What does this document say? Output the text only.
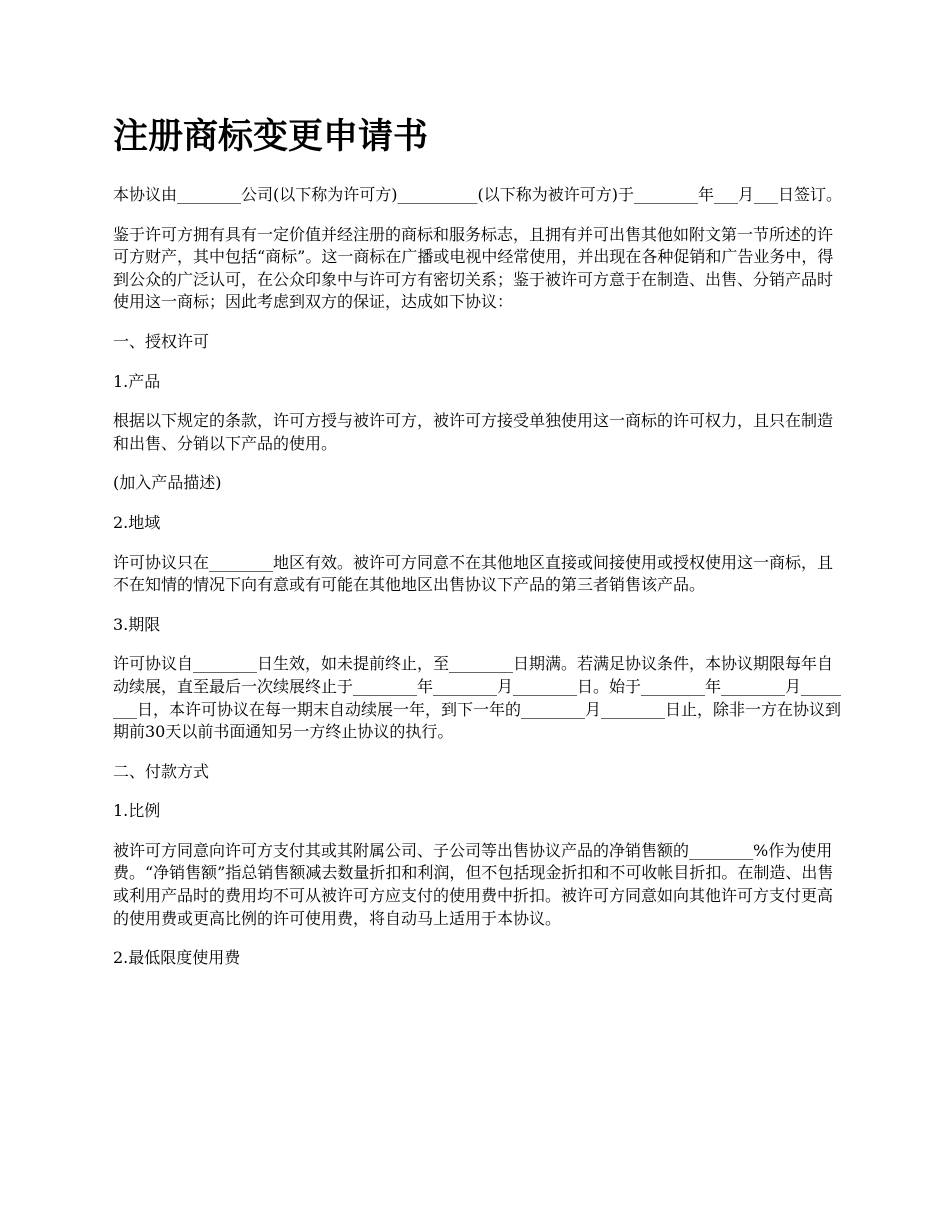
注册商标变更申请书

本协议由________公司(以下称为许可方)__________(以下称为被许可方)于________年___月___日签订。

鉴于许可方拥有具有一定价值并经注册的商标和服务标志，且拥有并可出售其他如附文第一节所述的许可方财产，其中包括“商标”。这一商标在广播或电视中经常使用，并出现在各种促销和广告业务中，得到公众的广泛认可，在公众印象中与许可方有密切关系；鉴于被许可方意于在制造、出售、分销产品时使用这一商标；因此考虑到双方的保证，达成如下协议：

一、授权许可

1.产品

根据以下规定的条款，许可方授与被许可方，被许可方接受单独使用这一商标的许可权力，且只在制造和出售、分销以下产品的使用。

(加入产品描述)

2.地域

许可协议只在________地区有效。被许可方同意不在其他地区直接或间接使用或授权使用这一商标，且不在知情的情况下向有意或有可能在其他地区出售协议下产品的第三者销售该产品。

3.期限

许可协议自________日生效，如未提前终止，至________日期满。若满足协议条件，本协议期限每年自动续展，直至最后一次续展终止于________年________月________日。始于________年________月________日，本许可协议在每一期末自动续展一年，到下一年的________月________日止，除非一方在协议到期前30天以前书面通知另一方终止协议的执行。

二、付款方式

1.比例

被许可方同意向许可方支付其或其附属公司、子公司等出售协议产品的净销售额的________%作为使用费。“净销售额”指总销售额减去数量折扣和利润，但不包括现金折扣和不可收帐目折扣。在制造、出售或利用产品时的费用均不可从被许可方应支付的使用费中折扣。被许可方同意如向其他许可方支付更高的使用费或更高比例的许可使用费，将自动马上适用于本协议。

2.最低限度使用费
